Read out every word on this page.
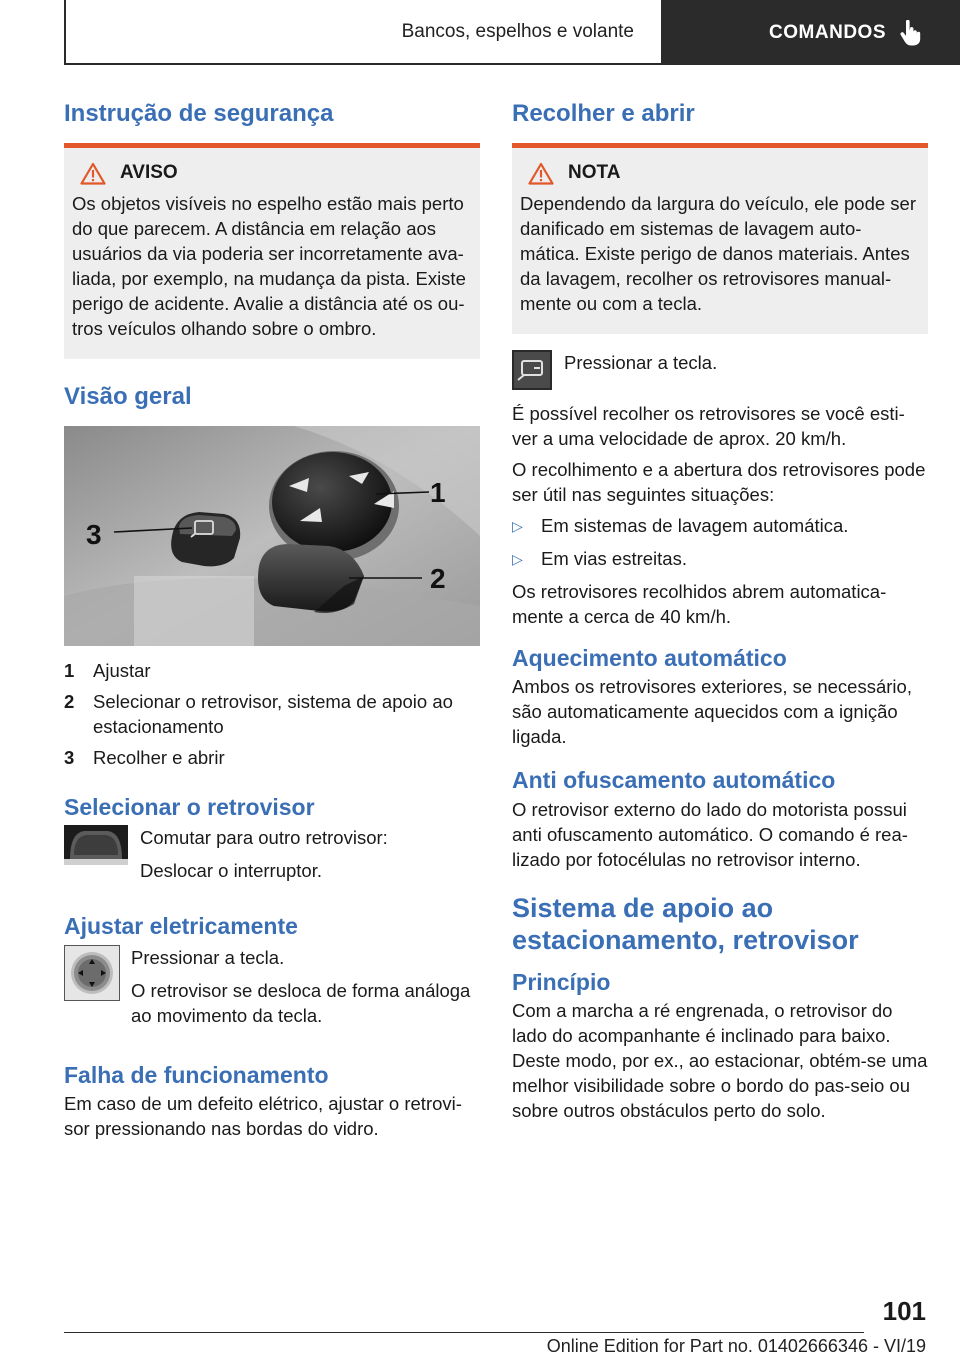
Bancos, espelhos e volante	COMANDOS
Instrução de segurança
AVISO

Os objetos visíveis no espelho estão mais perto do que parecem. A distância em relação aos usuários da via poderia ser incorretamente ava-liada, por exemplo, na mudança da pista. Existe perigo de acidente. Avalie a distância até os ou-tros veículos olhando sobre o ombro.

Visão geral
1
2
3
1	Ajustar
2	Selecionar o retrovisor, sistema de apoio ao estacionamento
3	Recolher e abrir
Selecionar o retrovisor

Comutar para outro retrovisor:

Deslocar o interruptor.

Ajustar eletricamente

Pressionar a tecla.

O retrovisor se desloca de forma análoga ao movimento da tecla.

Falha de funcionamento

Em caso de um defeito elétrico, ajustar o retrovi-sor pressionando nas bordas do vidro.

Recolher e abrir
NOTA

Dependendo da largura do veículo, ele pode ser danificado em sistemas de lavagem auto-mática. Existe perigo de danos materiais. Antes da lavagem, recolher os retrovisores manual-mente ou com a tecla.

Pressionar a tecla.

É possível recolher os retrovisores se você esti-ver a uma velocidade de aprox. 20 km/h.

O recolhimento e a abertura dos retrovisores pode ser útil nas seguintes situações:

▷ Em sistemas de lavagem automática.
▷ Em vias estreitas.

Os retrovisores recolhidos abrem automatica-mente a cerca de 40 km/h.

Aquecimento automático

Ambos os retrovisores exteriores, se necessário, são automaticamente aquecidos com a ignição ligada.

Anti ofuscamento automático

O retrovisor externo do lado do motorista possui anti ofuscamento automático. O comando é rea-lizado por fotocélulas no retrovisor interno.

Sistema de apoio ao estacionamento, retrovisor
Princípio

Com a marcha a ré engrenada, o retrovisor do lado do acompanhante é inclinado para baixo. Deste modo, por ex., ao estacionar, obtém-se uma melhor visibilidade sobre o bordo do pas-seio ou sobre outros obstáculos perto do solo.

101
Online Edition for Part no. 01402666346 - VI/19
